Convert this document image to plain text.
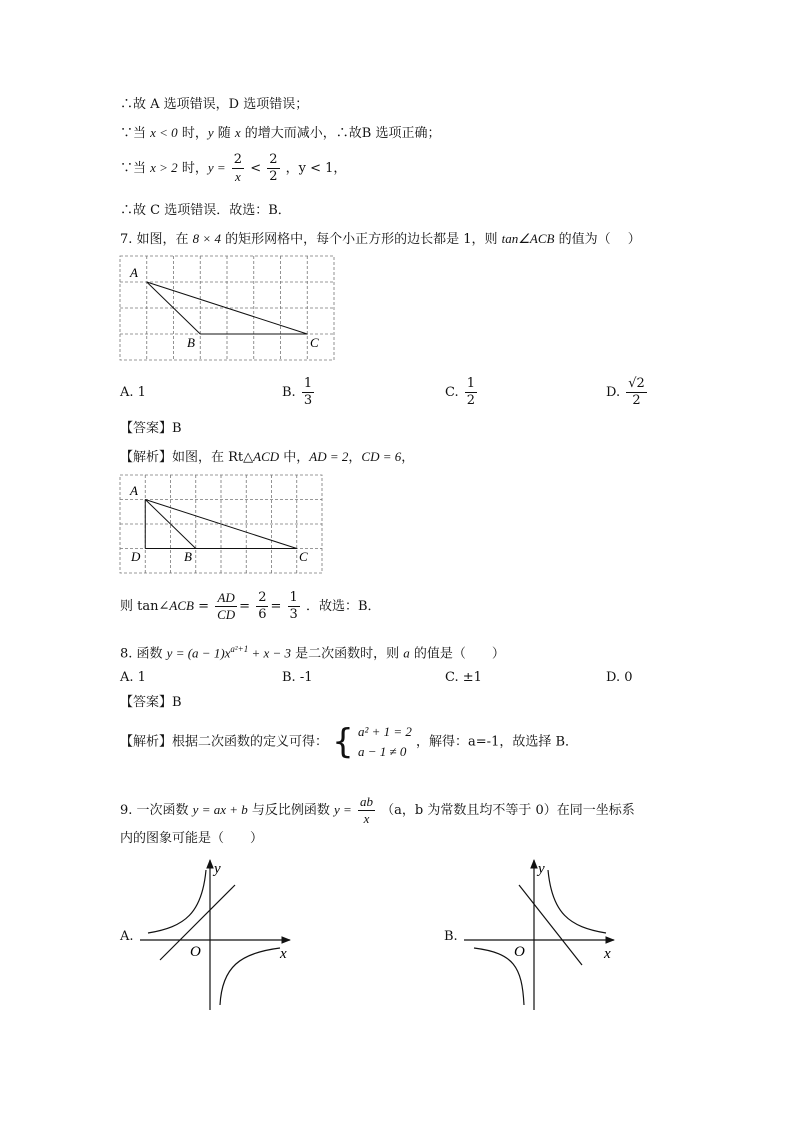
∴故 A 选项错误，D 选项错误；
∵当 x < 0 时，y 随 x 的增大而减小，∴故B 选项正确；
∵当 x > 2 时，$y = \frac{2}{x} < \frac{2}{2}$ ，y < 1，
∴故 C 选项错误．故选：B．
7. 如图，在 8 × 4 的矩形网格中，每个小正方形的边长都是 1，则 tan∠ACB 的值为（　 ）
A
B	C
A. 1	B. $\frac{1}{3}$	C. $\frac{1}{2}$	D. $\frac{√2}{2}$
【答案】B
【解析】如图，在 Rt△ACD 中，AD = 2，CD = 6，
A
D	B	C
则 tan∠ACB = $\frac{AD}{CD} = \frac{2}{6} = \frac{1}{3}$ ．故选：B．
8. 函数 $y = (a - 1)x^{a^2+1} + x - 3$ 是二次函数时，则 a 的值是（　　）
A. 1	B. -1	C. ±1	D. 0
【答案】B
【解析】根据二次函数的定义可得： { a² + 1 = 2
a − 1 ≠ 0
，解得：a=-1，故选择 B．
9. 一次函数 y = ax + b 与反比例函数 $y = \frac{ab}{x} (a$，b 为常数且均不等于 0）在同一坐标系
内的图象可能是（　　）
A.
O	x
y
B.
O	x
y
